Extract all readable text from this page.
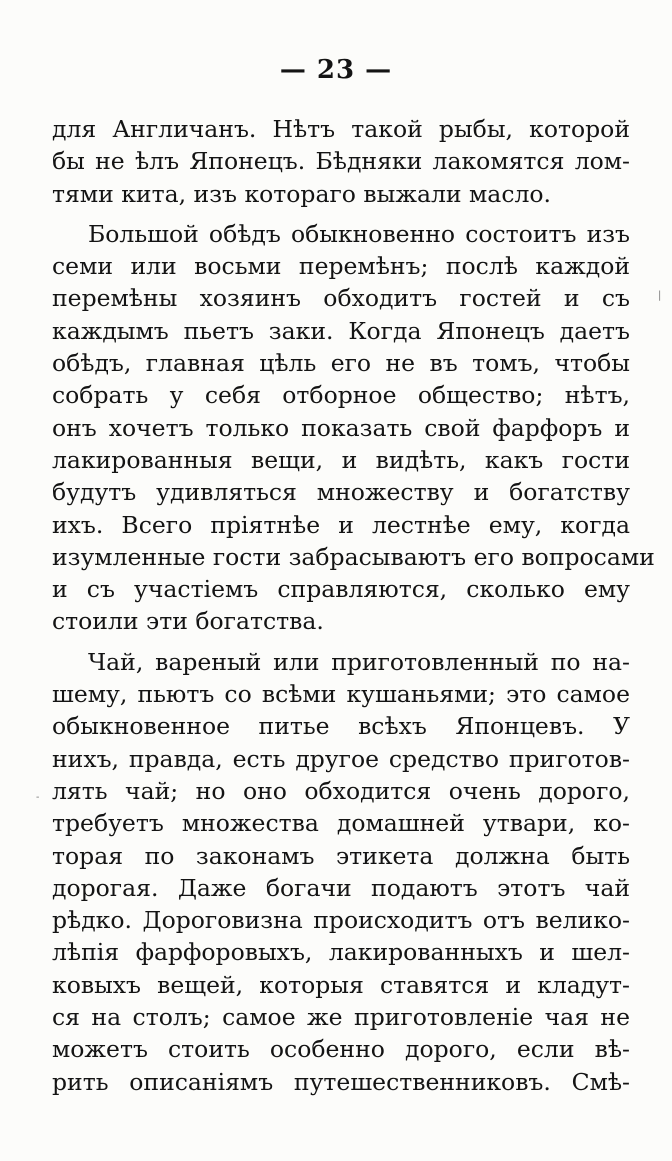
— 23 —
для Англичанъ. Нѣтъ такой рыбы, которой
бы не ѣлъ Японецъ. Бѣдняки лакомятся лом-
тями кита, изъ котораго выжали масло.
Большой обѣдъ обыкновенно состоитъ изъ
семи или восьми перемѣнъ; послѣ каждой
перемѣны хозяинъ обходитъ гостей и съ
каждымъ пьетъ заки. Когда Японецъ даетъ
обѣдъ, главная цѣль его не въ томъ, чтобы
собрать у себя отборное общество; нѣтъ,
онъ хочетъ только показать свой фарфоръ и
лакированныя вещи, и видѣть, какъ гости
будутъ удивляться множеству и богатству
ихъ. Всего пріятнѣе и лестнѣе ему, когда
изумленные гости забрасываютъ его вопросами
и съ участіемъ справляются, сколько ему
стоили эти богатства.
Чай, вареный или приготовленный по на-
шему, пьютъ со всѣми кушаньями; это самое
обыкновенное питье всѣхъ Японцевъ. У
нихъ, правда, есть другое средство приготов-
лять чай; но оно обходится очень дорого,
требуетъ множества домашней утвари, ко-
торая по законамъ этикета должна быть
дорогая. Даже богачи подаютъ этотъ чай
рѣдко. Дороговизна происходитъ отъ велико-
лѣпія фарфоровыхъ, лакированныхъ и шел-
ковыхъ вещей, которыя ставятся и кладут-
ся на столъ; самое же приготовленіе чая не
можетъ стоить особенно дорого, если вѣ-
рить описаніямъ путешественниковъ. Смѣ-
|
-
